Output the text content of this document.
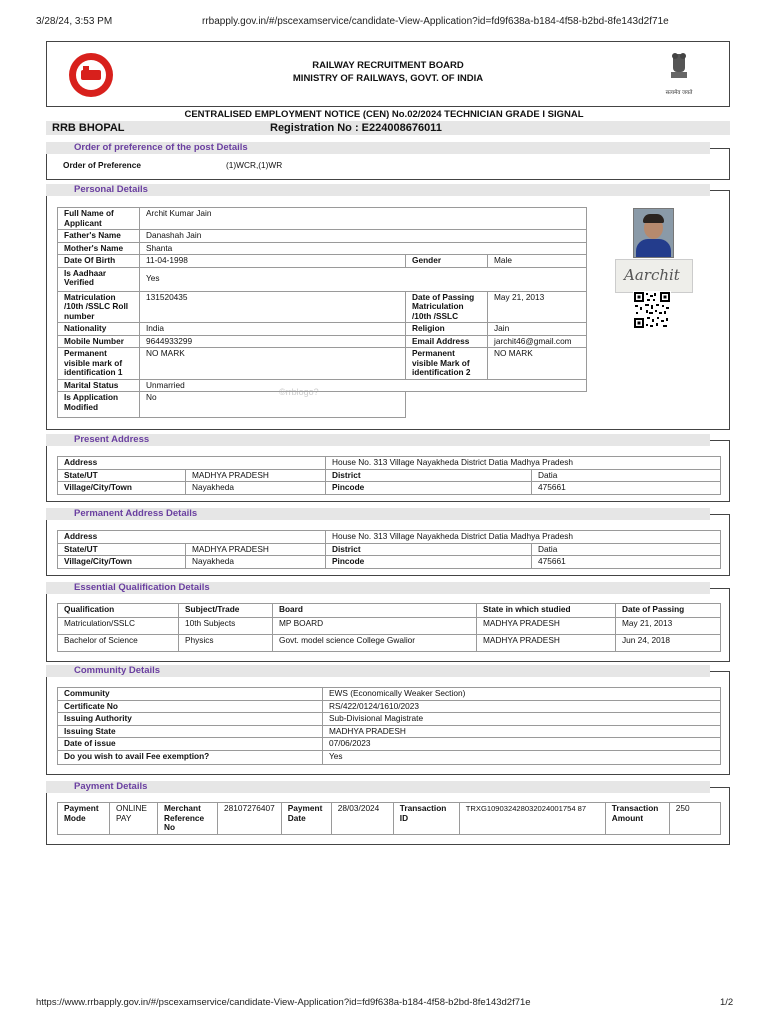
3/28/24, 3:53 PM	rrbapply.gov.in/#/pscexamservice/candidate-View-Application?id=fd9f638a-b184-4f58-b2bd-8fe143d2f71e
RAILWAY RECRUITMENT BOARD
MINISTRY OF RAILWAYS, GOVT. OF INDIA
सत्यमेव जयते
CENTRALISED EMPLOYMENT NOTICE (CEN) No.02/2024 TECHNICIAN GRADE I SIGNAL
RRB BHOPAL	Registration No : E224008676011
Order of Preference	(1)WCR,(1)WR
Order of preference of the post Details
©rrblogo?
Full Name of Applicant	Archit Kumar Jain		
Father's Name	Danashah Jain		
Mother's Name	Shanta		
Date Of Birth	11-04-1998	Gender	Male
Is Aadhaar Verified	Yes		
Matriculation /10th /SSLC Roll number	131520435	Date of Passing Matriculation /10th /SSLC	May 21, 2013
Nationality	India	Religion	Jain
Mobile Number	9644933299	Email Address	jarchit46@gmail.com
Permanent visible mark of identification 1	NO MARK	Permanent visible Mark of identification 2	NO MARK
Marital Status	Unmarried		
Is Application Modified	No		
Aarchit
Personal Details
Address		House No. 313 Village Nayakheda District Datia Madhya Pradesh	
State/UT	MADHYA PRADESH	District	Datia
Village/City/Town	Nayakheda	Pincode	475661
Present Address
Address		House No. 313 Village Nayakheda District Datia Madhya Pradesh	
State/UT	MADHYA PRADESH	District	Datia
Village/City/Town	Nayakheda	Pincode	475661
Permanent Address Details
Qualification	Subject/Trade	Board	State in which studied	Date of Passing
Matriculation/SSLC	10th Subjects	MP BOARD	MADHYA PRADESH	May 21, 2013
Bachelor of Science	Physics	Govt. model science College Gwalior	MADHYA PRADESH	Jun 24, 2018
Essential Qualification Details
Community	EWS (Economically Weaker Section)
Certificate No	RS/422/0124/1610/2023
Issuing Authority	Sub-Divisional Magistrate
Issuing State	MADHYA PRADESH
Date of issue	07/06/2023
Do you wish to avail Fee exemption?	Yes
Community Details
Payment Mode	ONLINE PAY	Merchant Reference No	28107276407	Payment Date	28/03/2024	Transaction ID	TRXG109032428032024001754 87	Transaction Amount	250
Payment Details
https://www.rrbapply.gov.in/#/pscexamservice/candidate-View-Application?id=fd9f638a-b184-4f58-b2bd-8fe143d2f71e	1/2
